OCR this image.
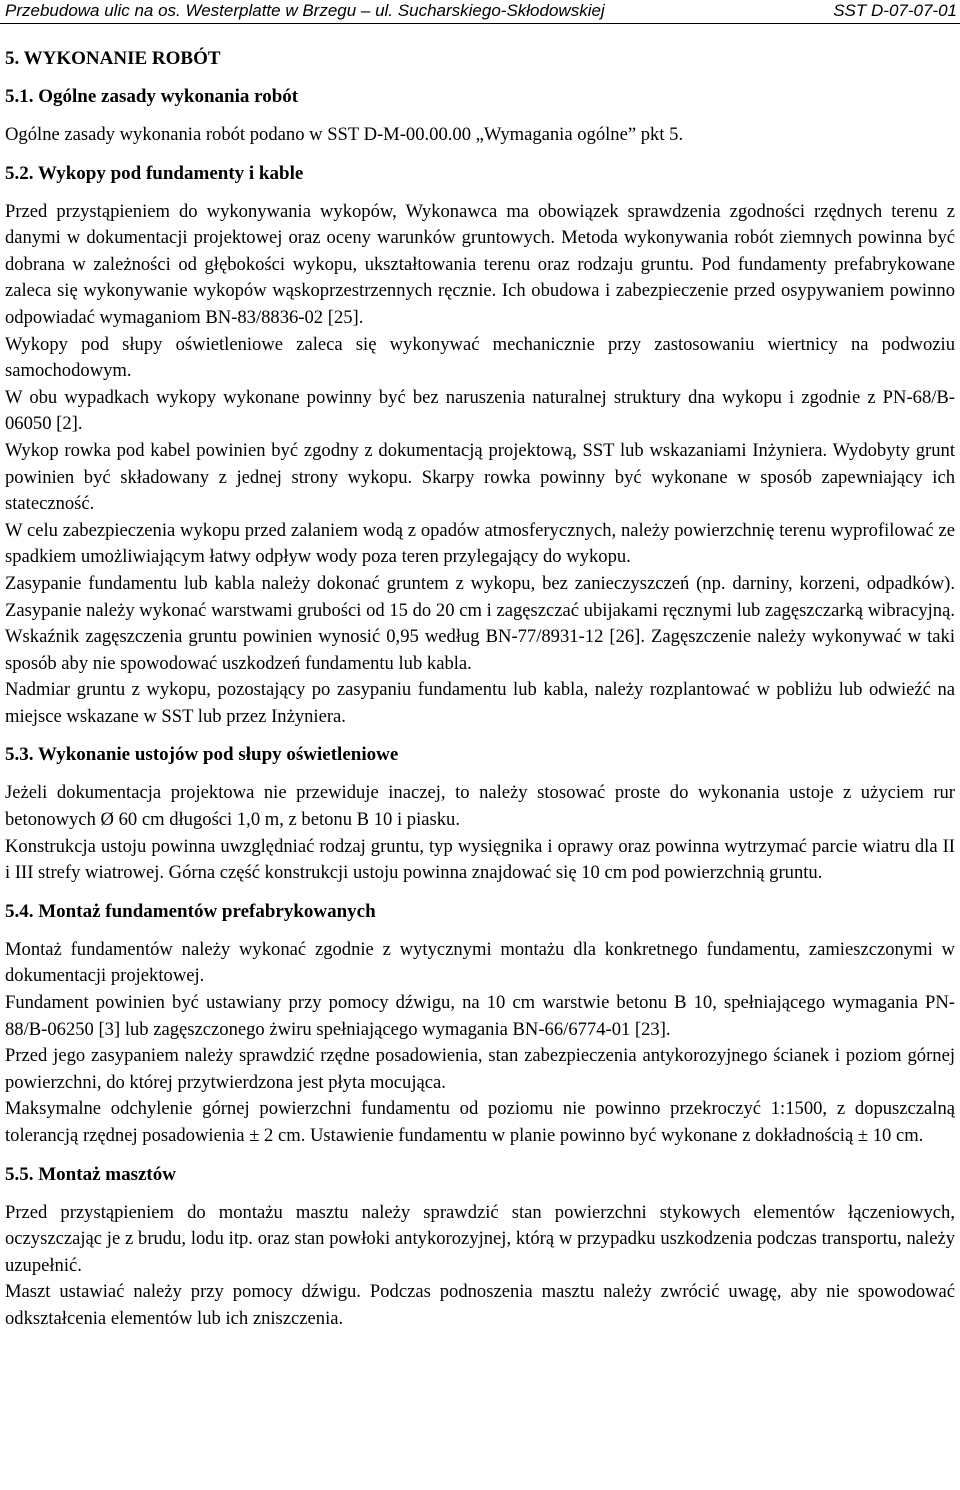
Przebudowa ulic na os. Westerplatte w Brzegu – ul. Sucharskiego-Skłodowskiej	SST D-07-07-01
5. WYKONANIE ROBÓT
5.1. Ogólne zasady wykonania robót

Ogólne zasady wykonania robót podano w SST D-M-00.00.00 „Wymagania ogólne” pkt 5.

5.2. Wykopy pod fundamenty i kable

Przed przystąpieniem do wykonywania wykopów, Wykonawca ma obowiązek sprawdzenia zgodności rzędnych terenu z danymi w dokumentacji projektowej oraz oceny warunków gruntowych. Metoda wykonywania robót ziemnych powinna być dobrana w zależności od głębokości wykopu, ukształtowania terenu oraz rodzaju gruntu. Pod fundamenty prefabrykowane zaleca się wykonywanie wykopów wąskoprzestrzennych ręcznie. Ich obudowa i zabezpieczenie przed osypywaniem powinno odpowiadać wymaganiom BN-83/8836-02 [25].

Wykopy pod słupy oświetleniowe zaleca się wykonywać mechanicznie przy zastosowaniu wiertnicy na podwoziu samochodowym.

W obu wypadkach wykopy wykonane powinny być bez naruszenia naturalnej struktury dna wykopu i zgodnie z PN-68/B-06050 [2].

Wykop rowka pod kabel powinien być zgodny z dokumentacją projektową, SST lub wskazaniami Inżyniera. Wydobyty grunt powinien być składowany z jednej strony wykopu. Skarpy rowka powinny być wykonane w sposób zapewniający ich stateczność.

W celu zabezpieczenia wykopu przed zalaniem wodą z opadów atmosferycznych, należy powierzchnię terenu wyprofilować ze spadkiem umożliwiającym łatwy odpływ wody poza teren przylegający do wykopu.

Zasypanie fundamentu lub kabla należy dokonać gruntem z wykopu, bez zanieczyszczeń (np. darniny, korzeni, odpadków). Zasypanie należy wykonać warstwami grubości od 15 do 20 cm i zagęszczać ubijakami ręcznymi lub zagęszczarką wibracyjną. Wskaźnik zagęszczenia gruntu powinien wynosić 0,95 według BN-77/8931-12 [26]. Zagęszczenie należy wykonywać w taki sposób aby nie spowodować uszkodzeń fundamentu lub kabla.

Nadmiar gruntu z wykopu, pozostający po zasypaniu fundamentu lub kabla, należy rozplantować w pobliżu lub odwieźć na miejsce wskazane w SST lub przez Inżyniera.

5.3. Wykonanie ustojów pod słupy oświetleniowe

Jeżeli dokumentacja projektowa nie przewiduje inaczej, to należy stosować proste do wykonania ustoje z użyciem rur betonowych Ø 60 cm długości 1,0 m, z betonu B 10 i piasku.

Konstrukcja ustoju powinna uwzględniać rodzaj gruntu, typ wysięgnika i oprawy oraz powinna wytrzymać parcie wiatru dla II i III strefy wiatrowej. Górna część konstrukcji ustoju powinna znajdować się 10 cm pod powierzchnią gruntu.

5.4. Montaż fundamentów prefabrykowanych

Montaż fundamentów należy wykonać zgodnie z wytycznymi montażu dla konkretnego fundamentu, zamieszczonymi w dokumentacji projektowej.

Fundament powinien być ustawiany przy pomocy dźwigu, na 10 cm warstwie betonu B 10, spełniającego wymagania PN-88/B-06250 [3] lub zagęszczonego żwiru spełniającego wymagania BN-66/6774-01 [23].

Przed jego zasypaniem należy sprawdzić rzędne posadowienia, stan zabezpieczenia antykorozyjnego ścianek i poziom górnej powierzchni, do której przytwierdzona jest płyta mocująca.

Maksymalne odchylenie górnej powierzchni fundamentu od poziomu nie powinno przekroczyć 1:1500, z dopuszczalną tolerancją rzędnej posadowienia ± 2 cm. Ustawienie fundamentu w planie powinno być wykonane z dokładnością ± 10 cm.

5.5. Montaż masztów

Przed przystąpieniem do montażu masztu należy sprawdzić stan powierzchni stykowych elementów łączeniowych, oczyszczając je z brudu, lodu itp. oraz stan powłoki antykorozyjnej, którą w przypadku uszkodzenia podczas transportu, należy uzupełnić.

Maszt ustawiać należy przy pomocy dźwigu. Podczas podnoszenia masztu należy zwrócić uwagę, aby nie spowodować odkształcenia elementów lub ich zniszczenia.
